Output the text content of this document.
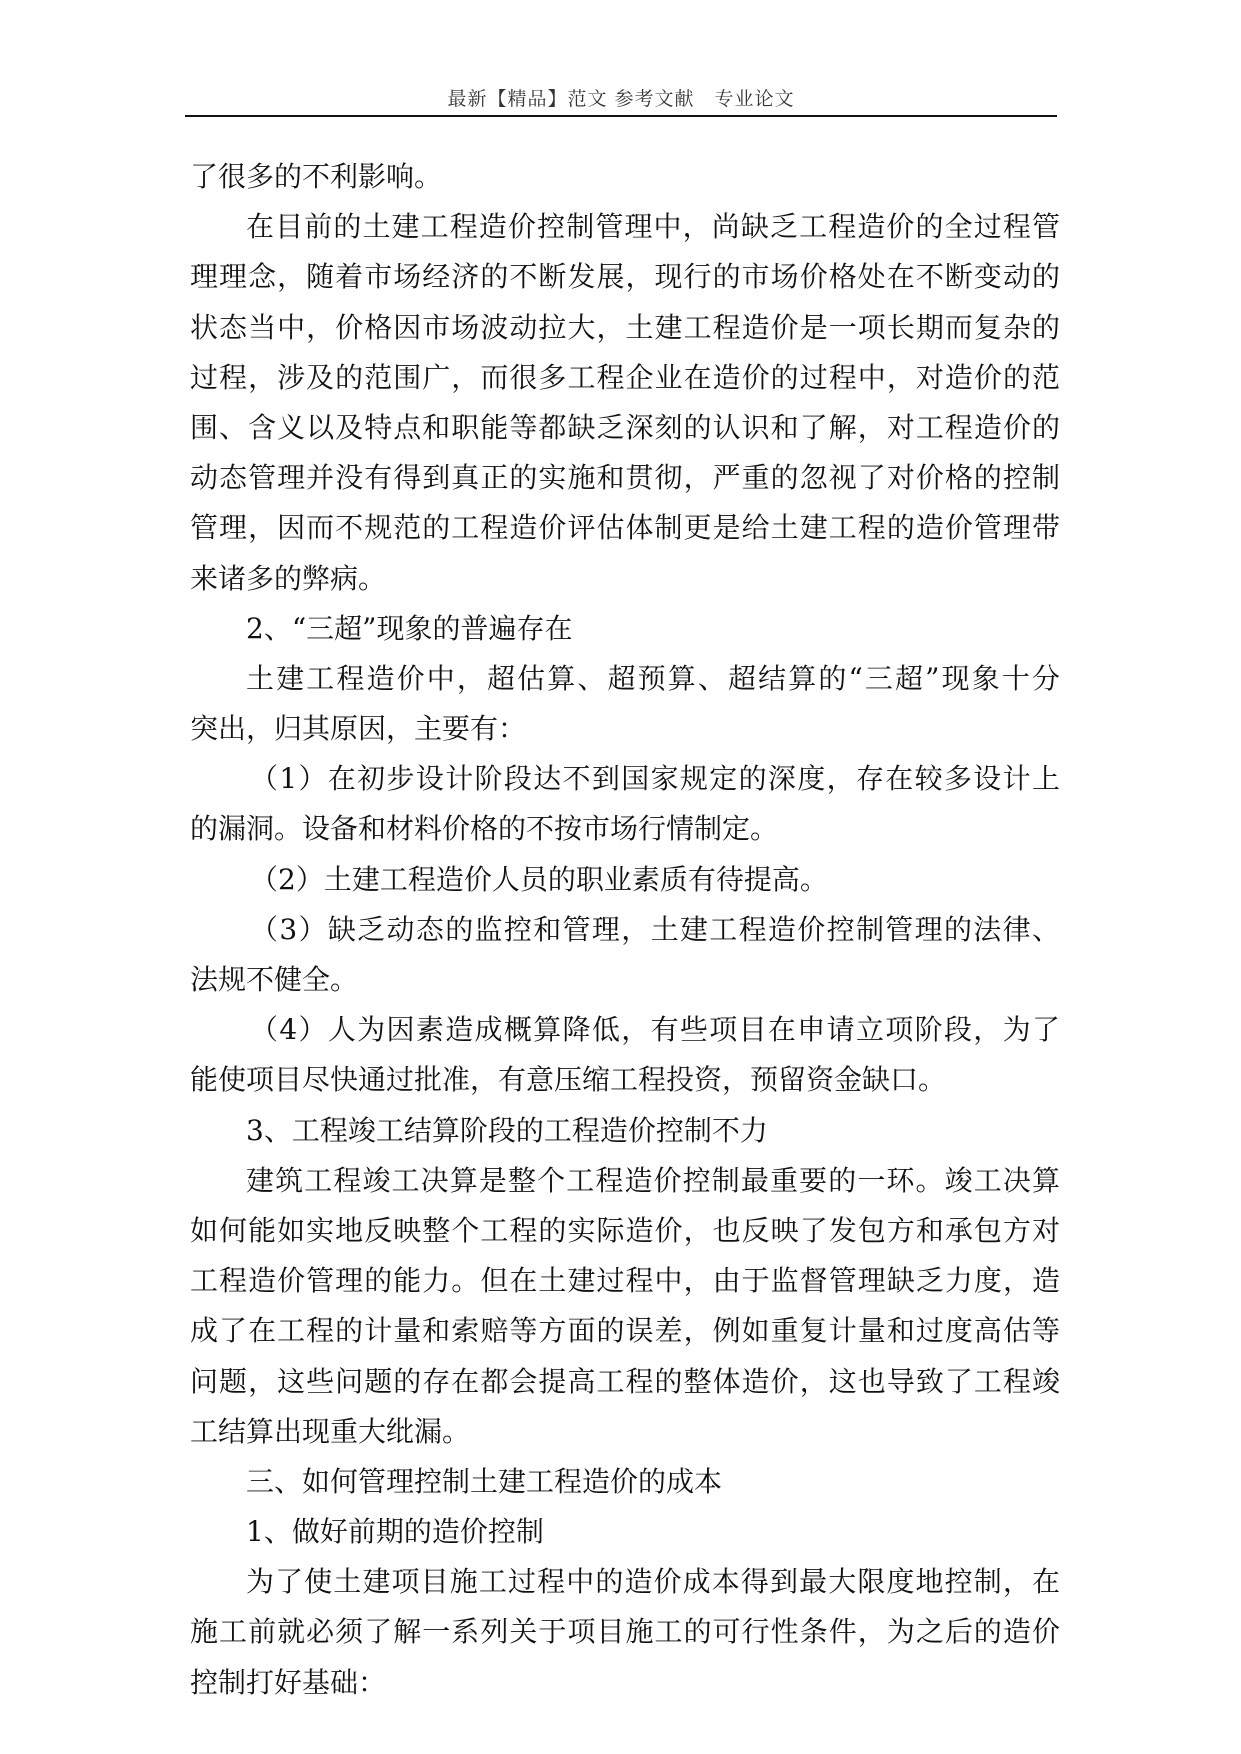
最新【精品】范文 参考文献　专业论文
了很多的不利影响。
在目前的土建工程造价控制管理中，尚缺乏工程造价的全过程管
理理念，随着市场经济的不断发展，现行的市场价格处在不断变动的
状态当中，价格因市场波动拉大，土建工程造价是一项长期而复杂的
过程，涉及的范围广，而很多工程企业在造价的过程中，对造价的范
围、含义以及特点和职能等都缺乏深刻的认识和了解，对工程造价的
动态管理并没有得到真正的实施和贯彻，严重的忽视了对价格的控制
管理，因而不规范的工程造价评估体制更是给土建工程的造价管理带
来诸多的弊病。
2、“三超”现象的普遍存在
土建工程造价中，超估算、超预算、超结算的“三超”现象十分
突出，归其原因，主要有：
（1）在初步设计阶段达不到国家规定的深度，存在较多设计上
的漏洞。设备和材料价格的不按市场行情制定。
（2）土建工程造价人员的职业素质有待提高。
（3）缺乏动态的监控和管理，土建工程造价控制管理的法律、
法规不健全。
（4）人为因素造成概算降低，有些项目在申请立项阶段，为了
能使项目尽快通过批准，有意压缩工程投资，预留资金缺口。
3、工程竣工结算阶段的工程造价控制不力
建筑工程竣工决算是整个工程造价控制最重要的一环。竣工决算
如何能如实地反映整个工程的实际造价，也反映了发包方和承包方对
工程造价管理的能力。但在土建过程中，由于监督管理缺乏力度，造
成了在工程的计量和索赔等方面的误差，例如重复计量和过度高估等
问题，这些问题的存在都会提高工程的整体造价，这也导致了工程竣
工结算出现重大纰漏。
三、如何管理控制土建工程造价的成本
1、做好前期的造价控制
为了使土建项目施工过程中的造价成本得到最大限度地控制，在
施工前就必须了解一系列关于项目施工的可行性条件，为之后的造价
控制打好基础：
